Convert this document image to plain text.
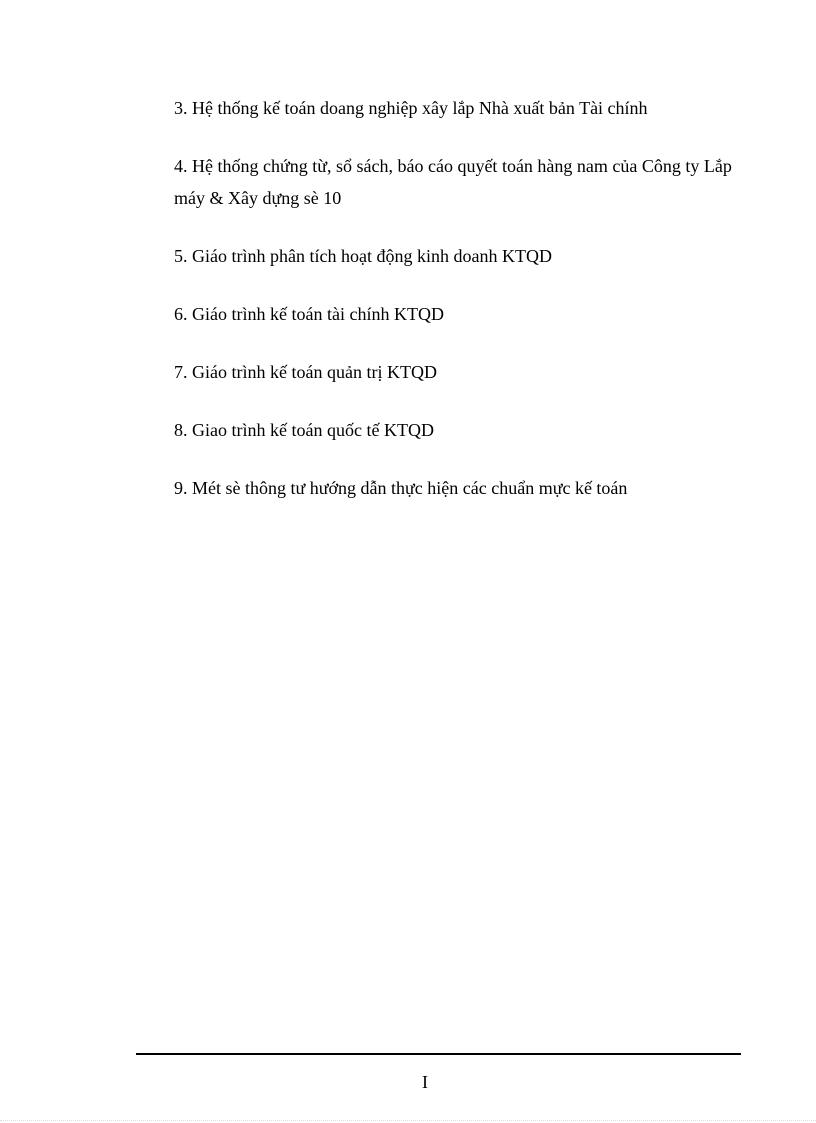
3. Hệ thống kế toán doang nghiệp xây lắp Nhà xuất bản Tài chính
4. Hệ thống chứng từ, sổ sách, báo cáo quyết toán hàng nam của Công ty Lắp máy & Xây dựng sè 10
5. Giáo trình phân tích hoạt động kinh doanh KTQD
6. Giáo trình kế toán tài chính KTQD
7. Giáo trình kế toán quản trị KTQD
8. Giao trình kế toán quốc tế KTQD
9. Mét sè thông tư hướng dẫn thực hiện các chuẩn mực kế toán
I
